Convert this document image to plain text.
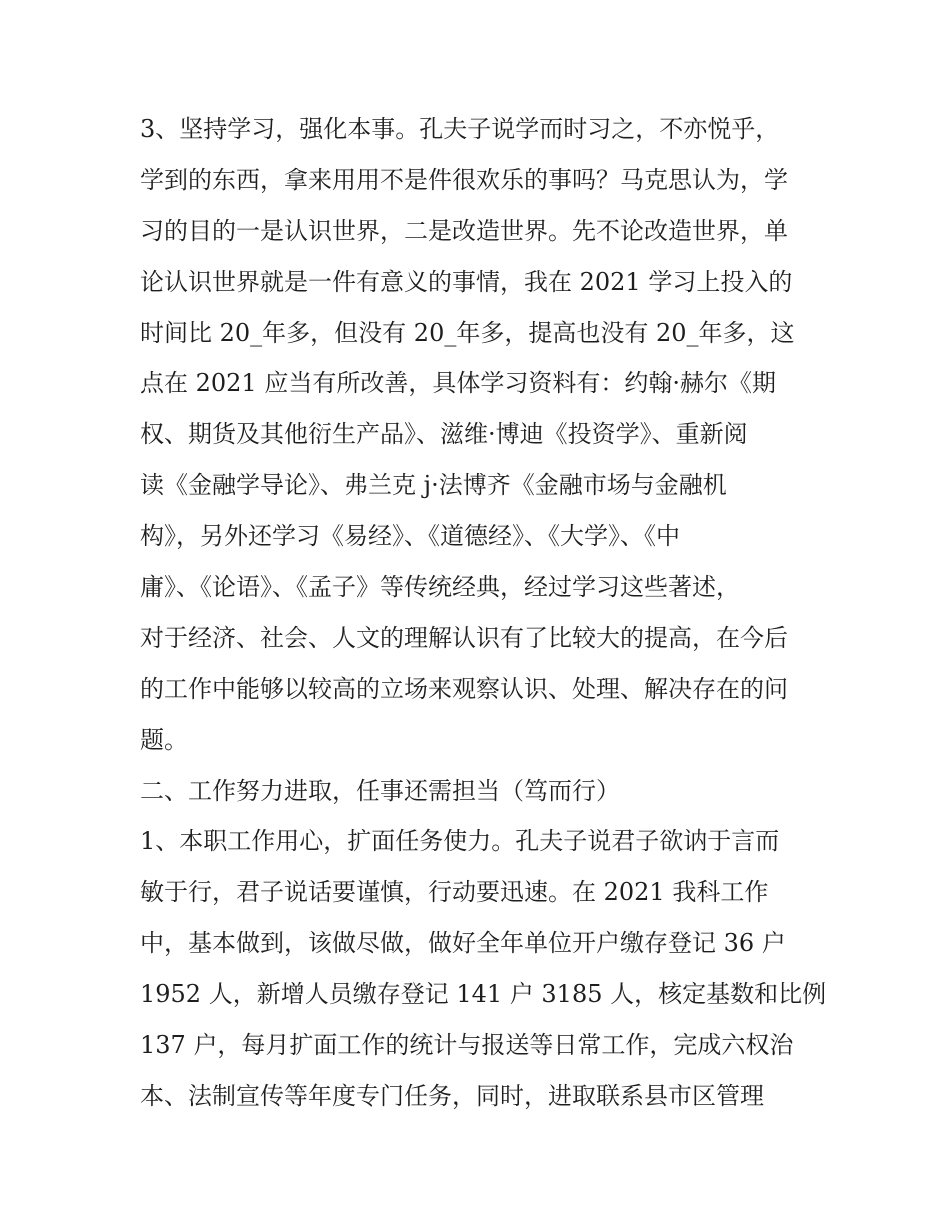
3、坚持学习，强化本事。孔夫子说学而时习之，不亦悦乎，

学到的东西，拿来用用不是件很欢乐的事吗？马克思认为，学

习的目的一是认识世界，二是改造世界。先不论改造世界，单

论认识世界就是一件有意义的事情，我在 2021 学习上投入的

时间比 20_年多，但没有 20_年多，提高也没有 20_年多，这

点在 2021 应当有所改善，具体学习资料有：约翰·赫尔《期

权、期货及其他衍生产品》、滋维·博迪《投资学》、重新阅

读《金融学导论》、弗兰克 j·法博齐《金融市场与金融机

构》，另外还学习《易经》、《道德经》、《大学》、《中

庸》、《论语》、《孟子》等传统经典，经过学习这些著述，

对于经济、社会、人文的理解认识有了比较大的提高，在今后

的工作中能够以较高的立场来观察认识、处理、解决存在的问

题。

二、工作努力进取，任事还需担当（笃而行）

1、本职工作用心，扩面任务使力。孔夫子说君子欲讷于言而

敏于行，君子说话要谨慎，行动要迅速。在 2021 我科工作

中，基本做到，该做尽做，做好全年单位开户缴存登记 36 户

1952 人，新增人员缴存登记 141 户 3185 人，核定基数和比例

137 户，每月扩面工作的统计与报送等日常工作，完成六权治

本、法制宣传等年度专门任务，同时，进取联系县市区管理
